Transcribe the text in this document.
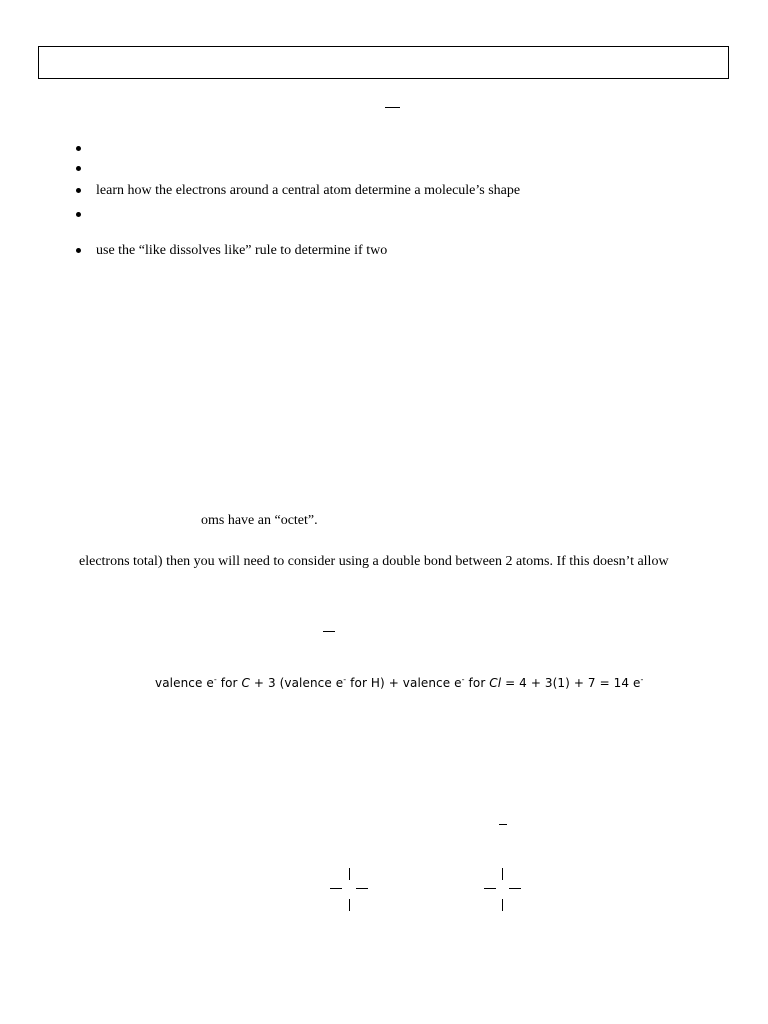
learn how the electrons around a central atom determine a molecule’s shape
use the “like dissolves like” rule to determine if two
oms have an “octet”.
electrons total) then you will need to consider using a double bond between 2 atoms. If this doesn’t allow
valence e- for C + 3 (valence e- for H) + valence e- for Cl = 4 + 3(1) + 7 = 14 e-
